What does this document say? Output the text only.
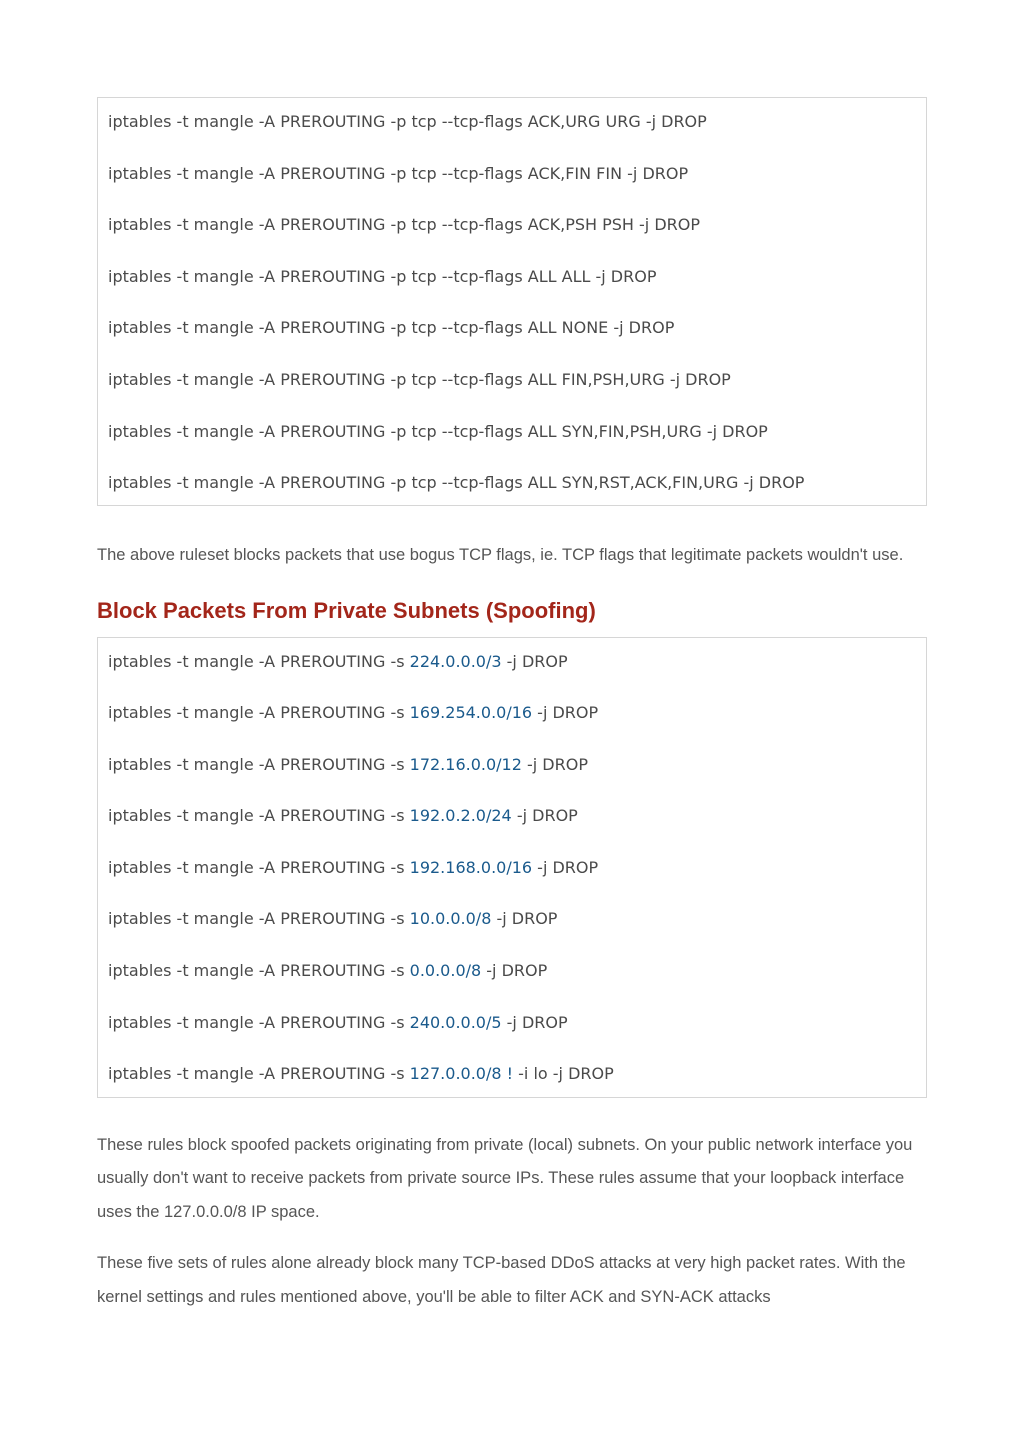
iptables -t mangle -A PREROUTING -p tcp --tcp-flags ACK,URG URG -j DROP
iptables -t mangle -A PREROUTING -p tcp --tcp-flags ACK,FIN FIN -j DROP
iptables -t mangle -A PREROUTING -p tcp --tcp-flags ACK,PSH PSH -j DROP
iptables -t mangle -A PREROUTING -p tcp --tcp-flags ALL ALL -j DROP
iptables -t mangle -A PREROUTING -p tcp --tcp-flags ALL NONE -j DROP
iptables -t mangle -A PREROUTING -p tcp --tcp-flags ALL FIN,PSH,URG -j DROP
iptables -t mangle -A PREROUTING -p tcp --tcp-flags ALL SYN,FIN,PSH,URG -j DROP
iptables -t mangle -A PREROUTING -p tcp --tcp-flags ALL SYN,RST,ACK,FIN,URG -j DROP

The above ruleset blocks packets that use bogus TCP flags, ie. TCP flags that legitimate packets wouldn't use.

Block Packets From Private Subnets (Spoofing)
iptables -t mangle -A PREROUTING -s 224.0.0.0/3 -j DROP
iptables -t mangle -A PREROUTING -s 169.254.0.0/16 -j DROP
iptables -t mangle -A PREROUTING -s 172.16.0.0/12 -j DROP
iptables -t mangle -A PREROUTING -s 192.0.2.0/24 -j DROP
iptables -t mangle -A PREROUTING -s 192.168.0.0/16 -j DROP
iptables -t mangle -A PREROUTING -s 10.0.0.0/8 -j DROP
iptables -t mangle -A PREROUTING -s 0.0.0.0/8 -j DROP
iptables -t mangle -A PREROUTING -s 240.0.0.0/5 -j DROP
iptables -t mangle -A PREROUTING -s 127.0.0.0/8 ! -i lo -j DROP

These rules block spoofed packets originating from private (local) subnets. On your public network interface you usually don't want to receive packets from private source IPs. These rules assume that your loopback interface uses the 127.0.0.0/8 IP space.

These five sets of rules alone already block many TCP-based DDoS attacks at very high packet rates. With the kernel settings and rules mentioned above, you'll be able to filter ACK and SYN-ACK attacks
